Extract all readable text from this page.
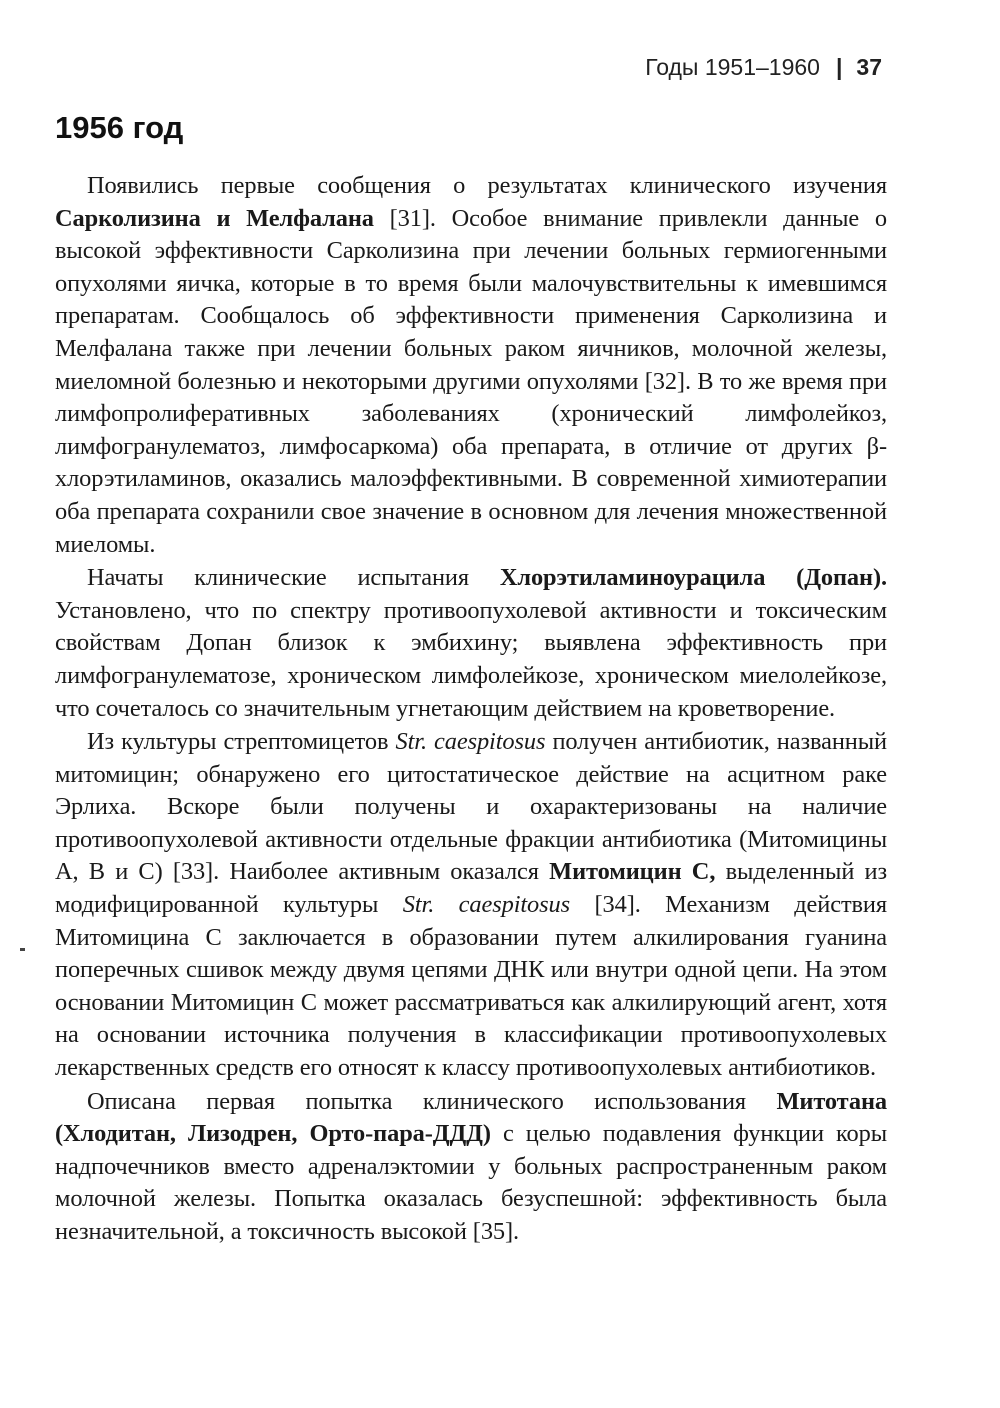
Годы 1951–1960 | 37
1956 год

Появились первые сообщения о результатах клинического изучения Сарколизина и Мелфалана [31]. Особое внимание привлекли данные о высокой эффективности Сарколизина при лечении больных гермиогенными опухолями яичка, которые в то время были малочувствительны к имевшимся препаратам. Сообщалось об эффективности применения Сарколизина и Мелфалана также при лечении больных раком яичников, молочной железы, миеломной болезнью и некоторыми другими опухолями [32]. В то же время при лимфопролиферативных заболеваниях (хронический лимфолейкоз, лимфогранулематоз, лимфосаркома) оба препарата, в отличие от других β-хлорэтиламинов, оказались малоэффективными. В современной химиотерапии оба препарата сохранили свое значение в основном для лечения множественной миеломы.

Начаты клинические испытания Хлорэтиламиноурацила (Допан). Установлено, что по спектру противоопухолевой активности и токсическим свойствам Допан близок к эмбихину; выявлена эффективность при лимфогранулематозе, хроническом лимфолейкозе, хроническом миелолейкозе, что сочеталось со значительным угнетающим действием на кроветворение.

Из культуры стрептомицетов Str. caespitosus получен антибиотик, названный митомицин; обнаружено его цитостатическое действие на асцитном раке Эрлиха. Вскоре были получены и охарактеризованы на наличие противоопухолевой активности отдельные фракции антибиотика (Митомицины A, B и C) [33]. Наиболее активным оказался Митомицин С, выделенный из модифицированной культуры Str. caespitosus [34]. Механизм действия Митомицина С заключается в образовании путем алкилирования гуанина поперечных сшивок между двумя цепями ДНК или внутри одной цепи. На этом основании Митомицин С может рассматриваться как алкилирующий агент, хотя на основании источника получения в классификации противоопухолевых лекарственных средств его относят к классу противоопухолевых антибиотиков.

Описана первая попытка клинического использования Митотана (Хлодитан, Лизодрен, Орто-пара-ДДД) с целью подавления функции коры надпочечников вместо адреналэктомии у больных распространенным раком молочной железы. Попытка оказалась безуспешной: эффективность была незначительной, а токсичность высокой [35].
